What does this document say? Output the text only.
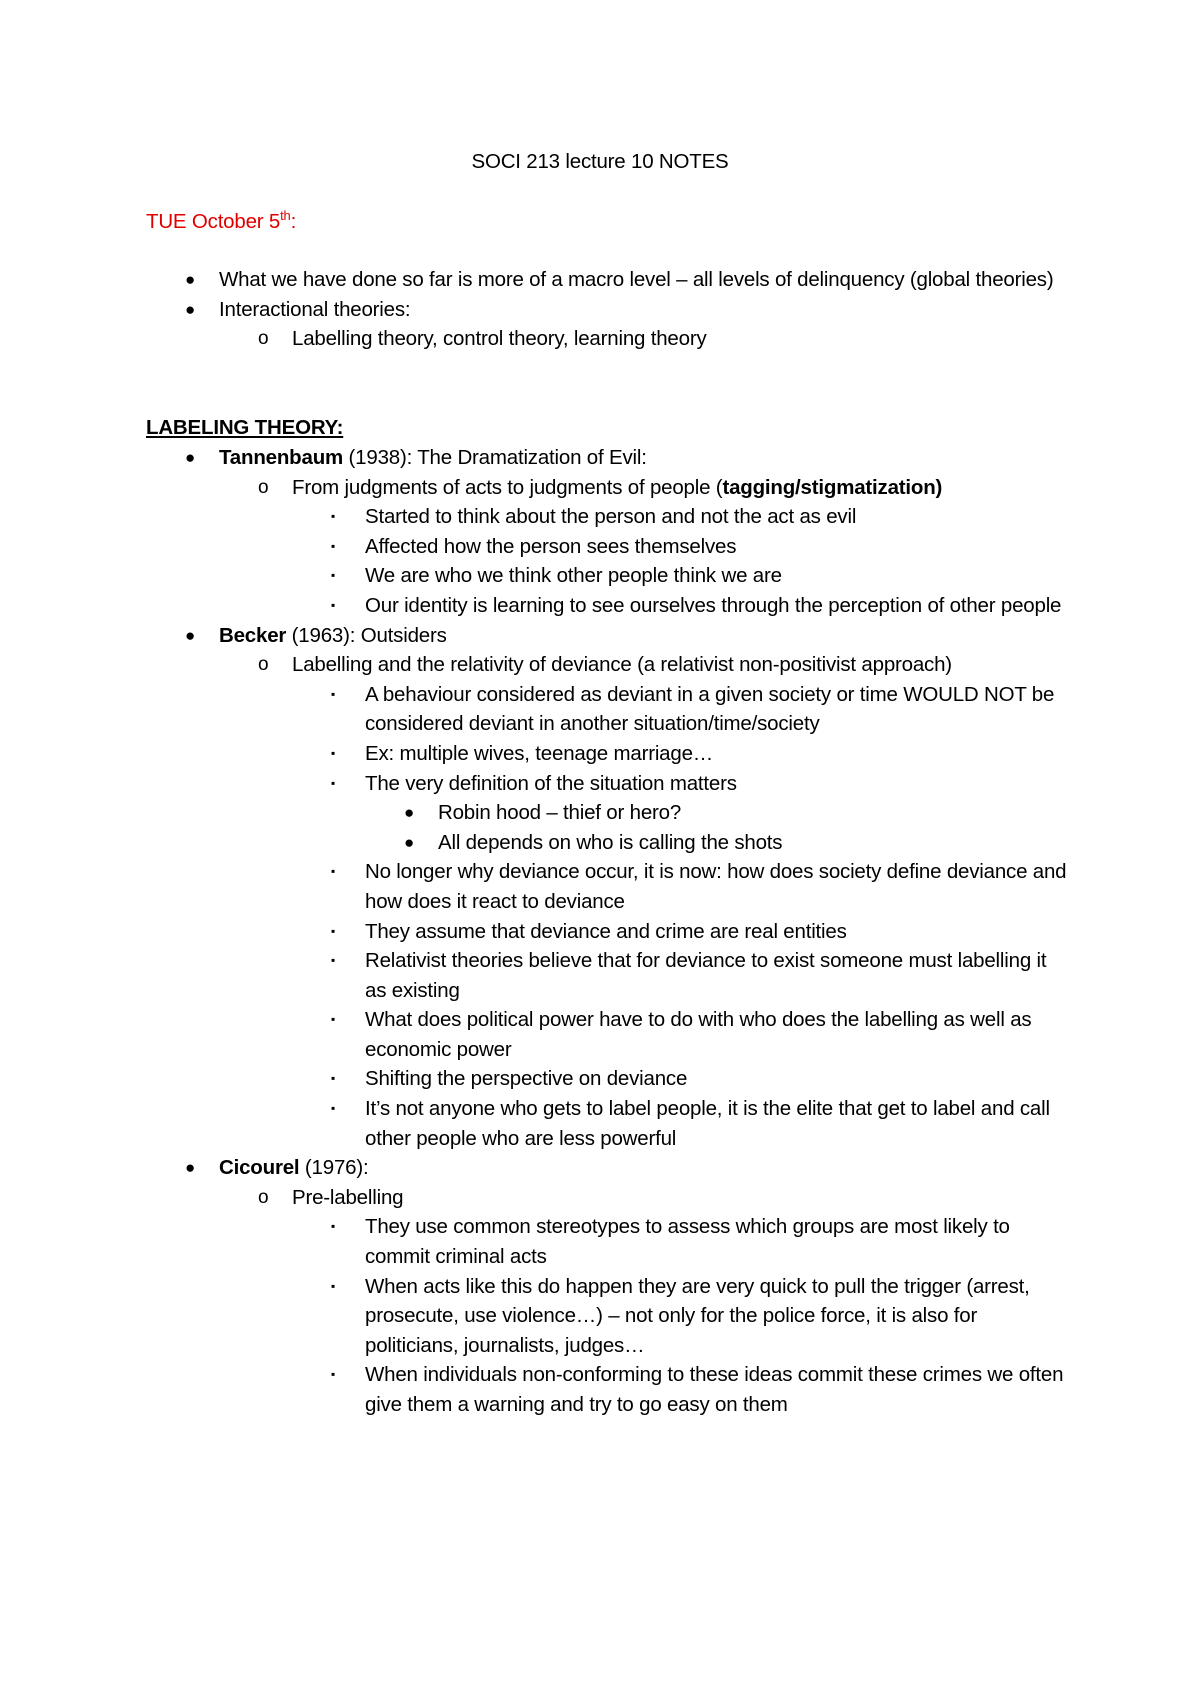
SOCI 213 lecture 10 NOTES
TUE October 5th:
● What we have done so far is more of a macro level – all levels of delinquency (global theories)
● Interactional theories:
o Labelling theory, control theory, learning theory
LABELING THEORY:
● Tannenbaum (1938): The Dramatization of Evil:
o From judgments of acts to judgments of people (tagging/stigmatization)
▪ Started to think about the person and not the act as evil
▪ Affected how the person sees themselves
▪ We are who we think other people think we are
▪ Our identity is learning to see ourselves through the perception of other people
● Becker (1963): Outsiders
o Labelling and the relativity of deviance (a relativist non-positivist approach)
▪ A behaviour considered as deviant in a given society or time WOULD NOT be considered deviant in another situation/time/society
▪ Ex: multiple wives, teenage marriage…
▪ The very definition of the situation matters
● Robin hood – thief or hero?
● All depends on who is calling the shots
▪ No longer why deviance occur, it is now: how does society define deviance and how does it react to deviance
▪ They assume that deviance and crime are real entities
▪ Relativist theories believe that for deviance to exist someone must labelling it as existing
▪ What does political power have to do with who does the labelling as well as economic power
▪ Shifting the perspective on deviance
▪ It’s not anyone who gets to label people, it is the elite that get to label and call other people who are less powerful
● Cicourel (1976):
o Pre-labelling
▪ They use common stereotypes to assess which groups are most likely to commit criminal acts
▪ When acts like this do happen they are very quick to pull the trigger (arrest, prosecute, use violence…) – not only for the police force, it is also for politicians, journalists, judges…
▪ When individuals non-conforming to these ideas commit these crimes we often give them a warning and try to go easy on them
